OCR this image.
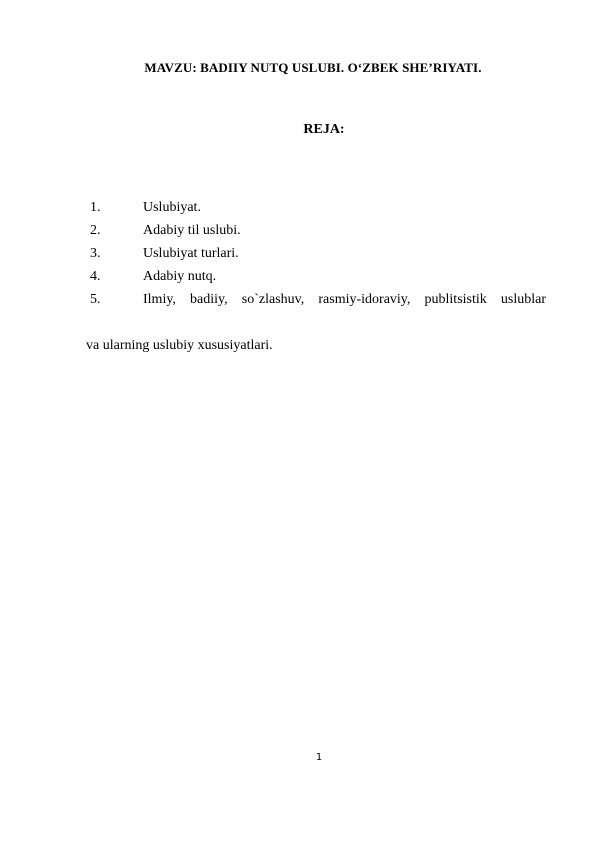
MAVZU: BADIIY NUTQ USLUBI. O‘ZBEK SHE’RIYATI.
REJA:
1.	Uslubiyat.
2.	Adabiy til uslubi.
3.	Uslubiyat turlari.
4.	Adabiy nutq.
5.	Ilmiy, badiiy, so`zlashuv, rasmiy-idoraviy, publitsistik uslublar
va ularning uslubiy xususiyatlari.
1
